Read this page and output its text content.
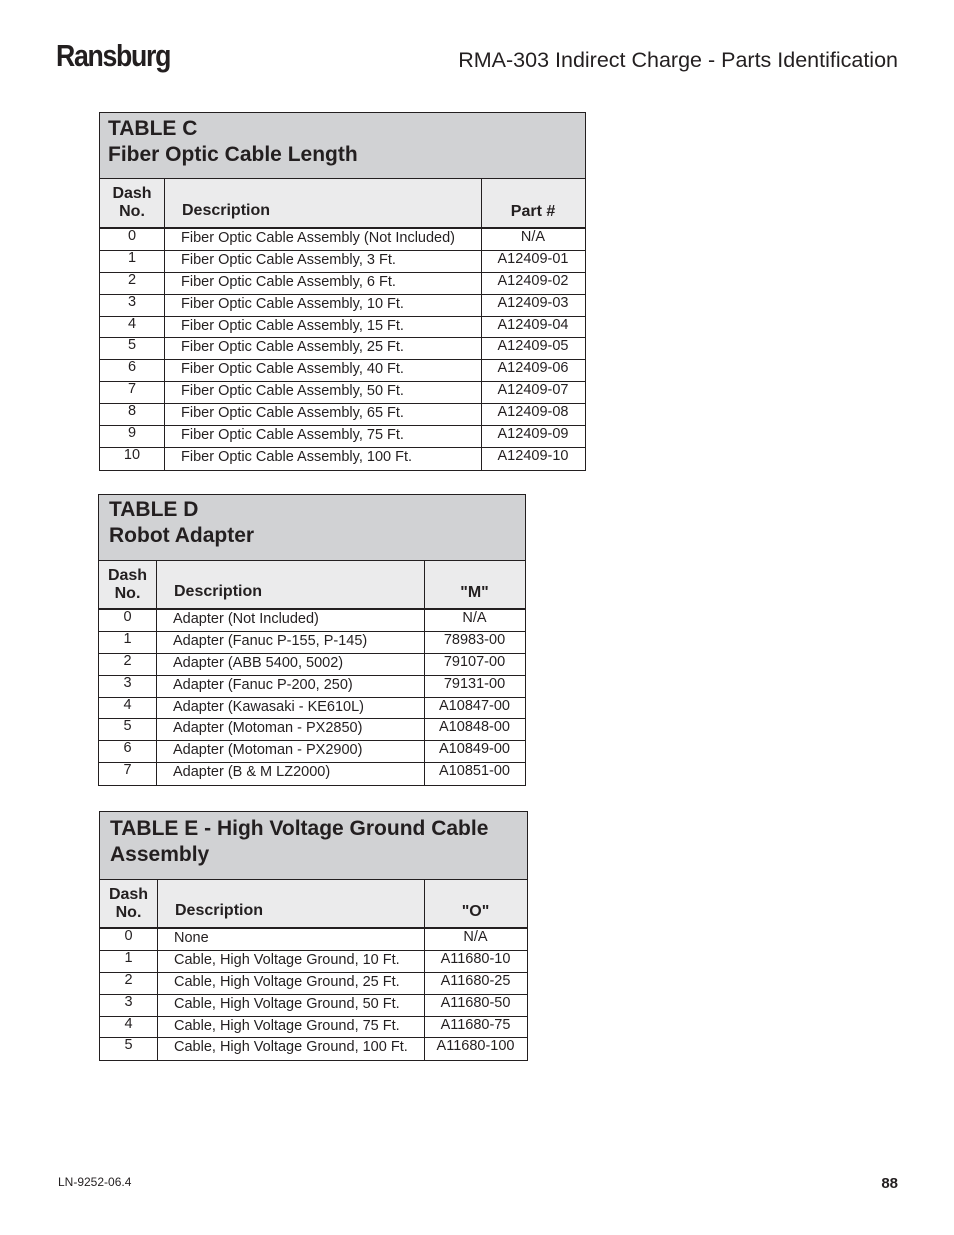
Ransburg	RMA-303 Indirect Charge - Parts Identification
TABLE C
Fiber Optic Cable Length
Dash
No.	Description	Part #
0	Fiber Optic Cable Assembly (Not Included)	N/A
1	Fiber Optic Cable Assembly, 3 Ft.	A12409-01
2	Fiber Optic Cable Assembly, 6 Ft.	A12409-02
3	Fiber Optic Cable Assembly, 10 Ft.	A12409-03
4	Fiber Optic Cable Assembly, 15 Ft.	A12409-04
5	Fiber Optic Cable Assembly, 25 Ft.	A12409-05
6	Fiber Optic Cable Assembly, 40 Ft.	A12409-06
7	Fiber Optic Cable Assembly, 50 Ft.	A12409-07
8	Fiber Optic Cable Assembly, 65 Ft.	A12409-08
9	Fiber Optic Cable Assembly, 75 Ft.	A12409-09
10	Fiber Optic Cable Assembly, 100 Ft.	A12409-10
TABLE D
Robot Adapter
Dash
No.	Description	"M"
0	Adapter (Not Included)	N/A
1	Adapter (Fanuc P-155, P-145)	78983-00
2	Adapter (ABB 5400, 5002)	79107-00
3	Adapter (Fanuc P-200, 250)	79131-00
4	Adapter (Kawasaki - KE610L)	A10847-00
5	Adapter (Motoman - PX2850)	A10848-00
6	Adapter (Motoman - PX2900)	A10849-00
7	Adapter (B & M LZ2000)	A10851-00
TABLE E - High Voltage Ground Cable
Assembly
Dash
No.	Description	"O"
0	None	N/A
1	Cable, High Voltage Ground, 10 Ft.	A11680-10
2	Cable, High Voltage Ground, 25 Ft.	A11680-25
3	Cable, High Voltage Ground, 50 Ft.	A11680-50
4	Cable, High Voltage Ground, 75 Ft.	A11680-75
5	Cable, High Voltage Ground, 100 Ft.	A11680-100
LN-9252-06.4	88
